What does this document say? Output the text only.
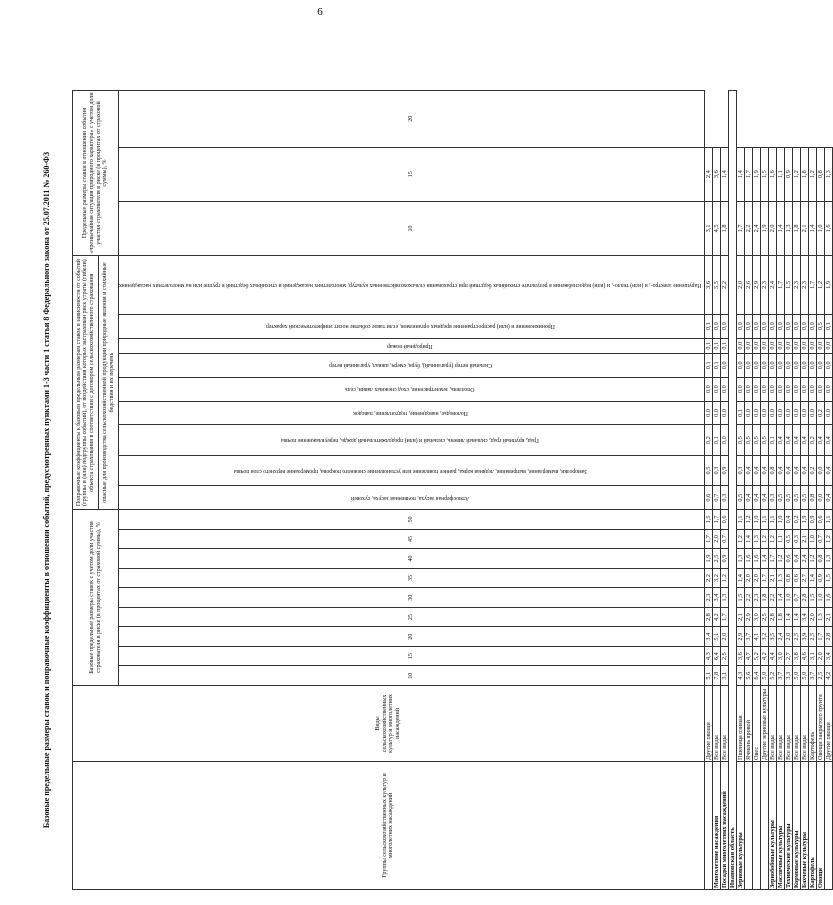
6
Базовые предельные размеры ставок и поправочные коэффициенты в отношении событий, предусмотренных пунктами 1-3 части 1 статьи 8 Федерального закона от 25.07.2011 № 260-ФЗ	Группы сельскохозяйственных культур и многолетних насаждений	Виды сельскохозяйственных культур и многолетних насаждений	Базовые предельные размеры ставок с учетом доли участия страхователя в риске (в процентах от страховой суммы), %									Поправочные коэффициенты к базовым предельным размерам ставок в зависимости от событий (группы и (или) подгруппы событий), от воздействия которых застрахован риск утраты (гибели) объекта страхования в соответствии с договором сельскохозяйственного страхования									Предельные размеры ставки в отношении события «чрезвычайная ситуация природного характера» с учетом доли участия страхователя в риске (в процентах от страховой суммы), %		
											опасные для производства сельскохозяйственной продукции природные явления и стихийные бедствия и их перечень											
		10	15	20	25	30	35	40	45	50	Атмосферная засуха, почвенная засуха, суховей	Заморозки, вымерзание, выпревание, ледяная корка, раннее появление или установление снежного покрова, промерзание верхнего слоя почвы	Град, крупный град, сильный ливень, сильный и (или) продолжительный дождь, переувлажнение почвы	Половодье, наводнение, подтопление, паводок	Оползень, землетрясение, сход снежных лавин, сель	Сильный ветер (ураганный), буря, смерч, шквал, ураганный ветер	Природный пожар	Проникновение и (или) распространение вредных организмов, если такое событие носит эпифитотический характер	Нарушение электро-, и (или) тепло-, и (или) водоснабжения в результате стихийных бедствий при страховании сельскохозяйственных культур, многолетних насаждений и стихийных бедствий в группе или на многолетних насаждениях	10	15	20
	Другие овощи	5,1	4,3	3,4	2,8	2,3	2,2	1,9	1,7	1,5	0,6	0,5	0,2	0,0	0,0	0,1	0,1	0,1	3,6	3,1	2,4	
Многолетние насаждения	Все виды	7,8	6,4	5,1	4,2	3,4	3,2	2,5	2,0	1,7	0,7	0,3	0,1	0,0	0,0	0,1	0,1	0,0	5,5	4,5	3,6	
Посадки многолетних насаждений	Все виды	3,1	2,5	2,0	1,7	1,3	1,2	0,9	0,7	0,6	0,3	0,9	0,0	0,0	0,0	0,0	0,1	0,0	2,2	1,8	1,4	
Ивановская область																						
Зерновые культуры	Пшеница озимая	4,3	3,6	2,9	2,1	1,5	1,4	1,3	1,2	1,1	0,5	0,3	0,5	0,1	0,0	0,0	0,0	0,0	2,0	1,7	1,4	
	Ячмень яровой	5,6	4,7	3,7	2,9	2,2	2,0	1,6	1,4	1,2	0,4	0,4	0,5	0,0	0,0	0,0	0,0	0,0	2,6	2,2	1,7	
	Овес	6,4	5,2	4,1	3,0	2,3	2,0	1,6	1,3	1,0	0,4	0,4	0,5	0,0	0,0	0,0	0,0	0,0	2,9	2,4	1,9	
	Другие зерновые культуры	5,0	4,2	3,2	2,5	1,8	1,7	1,4	1,2	1,1	0,4	0,4	0,5	0,0	0,0	0,0	0,0	0,0	2,3	1,9	1,5	
Зернобобовые культуры	Все виды	5,2	4,4	3,5	2,8	2,2	2,1	1,7	1,2	1,1	0,3	0,8	0,1	0,0	0,0	0,0	0,0	0,0	2,4	2,0	1,6	
Масличные культуры	Все виды	3,7	3,0	2,4	1,8	1,4	1,3	1,2	1,1	1,0	0,5	0,4	0,4	0,0	0,0	0,0	0,0	0,0	1,7	1,4	1,1	
Технические культуры	Все виды	3,3	2,7	2,0	1,4	1,0	0,8	0,6	0,5	0,4	0,5	0,4	0,4	0,0	0,0	0,0	0,0	0,0	1,5	1,3	0,9	
Кормовые культуры	Все виды	5,0	3,8	2,5	1,4	0,7	0,6	0,4	0,3	0,2	0,5	0,4	0,4	0,0	0,0	0,0	0,0	0,0	2,3	1,8	1,2	
Бахчевые культуры	Все виды	5,0	4,6	3,9	3,4	2,8	2,7	2,4	2,1	1,9	0,5	0,4	0,4	0,0	0,0	0,0	0,0	0,0	2,3	2,1	1,8	
Картофель	Картофель	3,7	3,1	2,5	2,0	1,5	1,4	1,2	1,0	0,9	0,8	0,2	0,2	0,0	0,0	0,0	0,0	0,0	1,7	1,4	1,2	
Овощи	Овощи закрытого грунта	2,5	2,0	1,7	1,3	1,0	0,9	0,8	0,7	0,6	0,0	0,0	0,4	0,2	0,0	0,0	0,0	0,5	1,2	1,0	0,8	
	Другие овощи	4,2	3,4	2,8	2,1	1,6	1,5	1,3	1,2	1,1	0,4	0,4	0,4	0,0	0,0	0,0	0,0	0,1	1,9	1,6	1,3	
